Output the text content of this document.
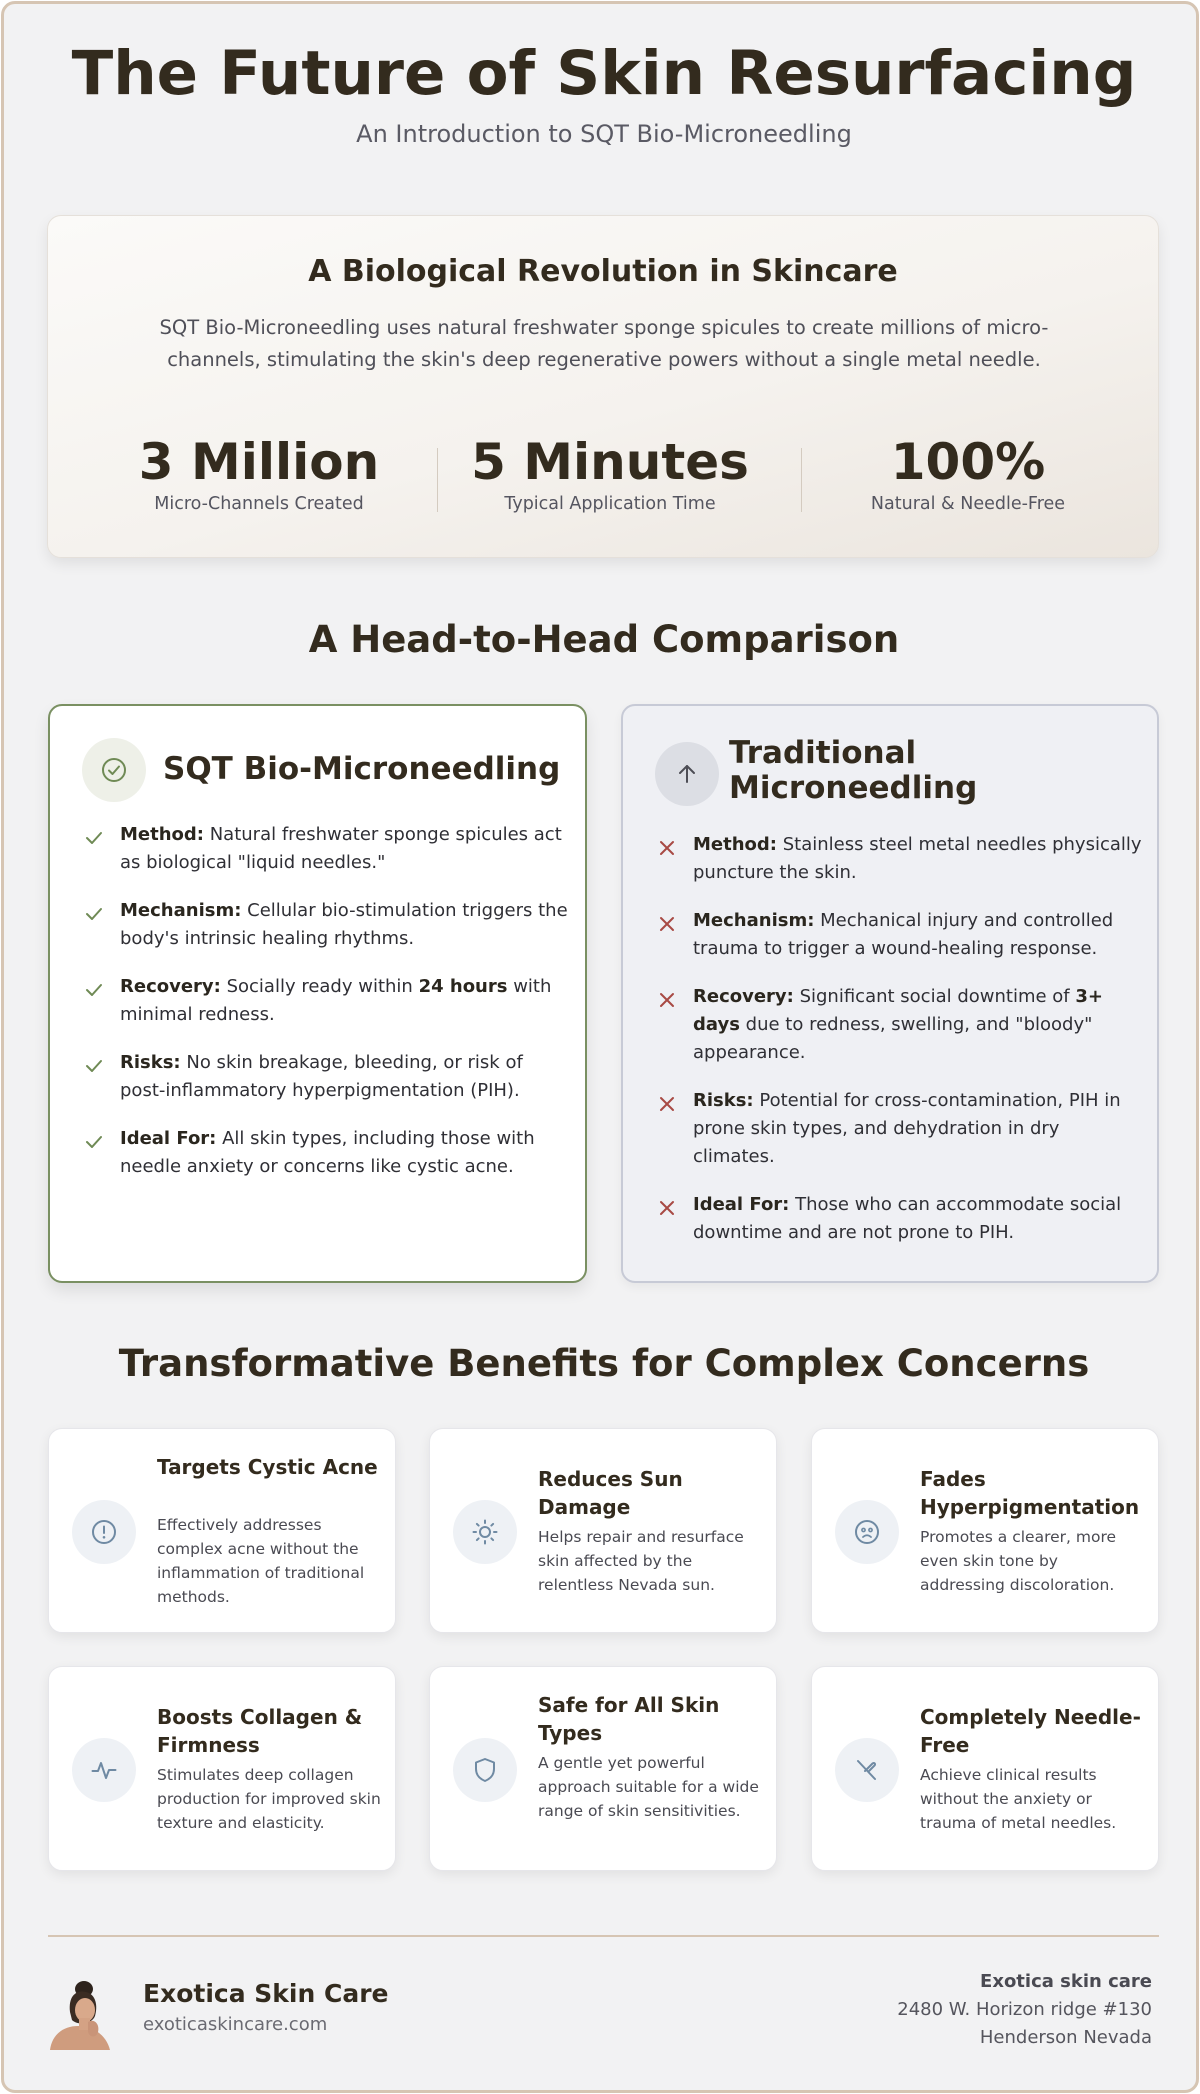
The Future of Skin Resurfacing
An Introduction to SQT Bio-Microneedling
A Biological Revolution in Skincare

SQT Bio-Microneedling uses natural freshwater sponge spicules to create millions of micro-channels, stimulating the skin's deep regenerative powers without a single metal needle.

3 Million
Micro-Channels Created
5 Minutes
Typical Application Time
100%
Natural & Needle-Free
A Head-to-Head Comparison
SQT Bio-Microneedling
Method: Natural freshwater sponge spicules act as biological "liquid needles."
Mechanism: Cellular bio-stimulation triggers the body's intrinsic healing rhythms.
Recovery: Socially ready within 24 hours with minimal redness.
Risks: No skin breakage, bleeding, or risk of post-inflammatory hyperpigmentation (PIH).
Ideal For: All skin types, including those with needle anxiety or concerns like cystic acne.
Traditional
Microneedling
Method: Stainless steel metal needles physically puncture the skin.
Mechanism: Mechanical injury and controlled trauma to trigger a wound-healing response.
Recovery: Significant social downtime of 3+ days due to redness, swelling, and "bloody" appearance.
Risks: Potential for cross-contamination, PIH in prone skin types, and dehydration in dry climates.
Ideal For: Those who can accommodate social downtime and are not prone to PIH.
Transformative Benefits for Complex Concerns
Targets Cystic Acne
Effectively addresses complex acne without the inflammation of traditional methods.
Reduces Sun Damage
Helps repair and resurface skin affected by the relentless Nevada sun.
Fades Hyperpigmentation
Promotes a clearer, more even skin tone by addressing discoloration.
Boosts Collagen & Firmness
Stimulates deep collagen production for improved skin texture and elasticity.
Safe for All Skin Types
A gentle yet powerful approach suitable for a wide range of skin sensitivities.
Completely Needle-Free
Achieve clinical results without the anxiety or trauma of metal needles.
Exotica Skin Care
exoticaskincare.com
Exotica skin care
2480 W. Horizon ridge #130
Henderson Nevada
